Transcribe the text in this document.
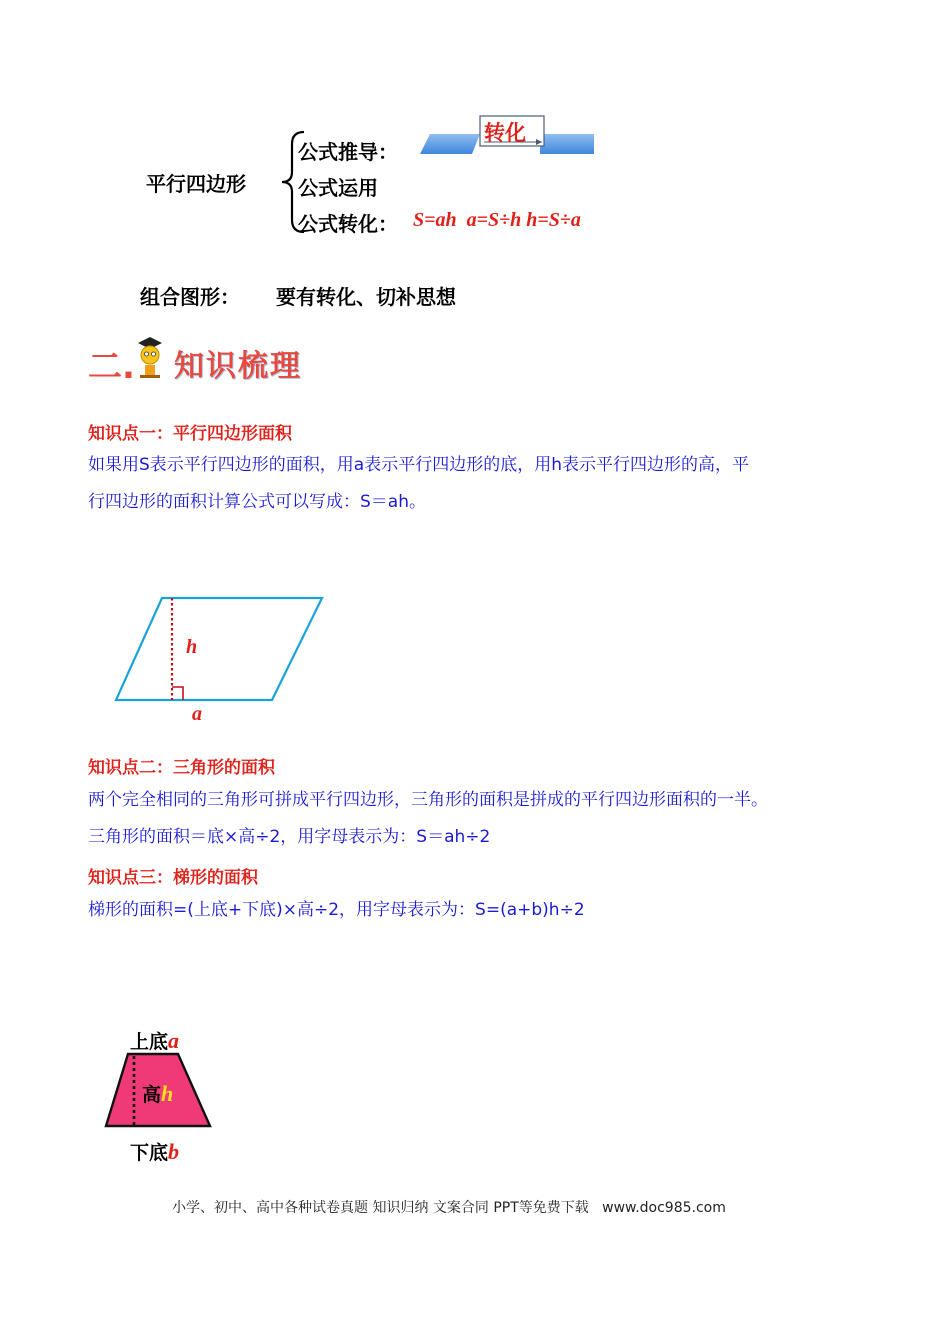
平行四边形
公式推导：
公式运用
公式转化： S=ah  a=S÷h h=S÷a
转化
组合图形： 要有转化、切补思想
二. 知识梳理
知识点一：平行四边形面积
如果用S表示平行四边形的面积，用a表示平行四边形的底，用h表示平行四边形的高，平
行四边形的面积计算公式可以写成：S＝ah。
h
a
知识点二：三角形的面积
两个完全相同的三角形可拼成平行四边形，三角形的面积是拼成的平行四边形面积的一半。
三角形的面积＝底×高÷2，用字母表示为：S＝ah÷2
知识点三：梯形的面积
梯形的面积=(上底+下底)×高÷2，用字母表示为：S=(a+b)h÷2
上底a
高h
下底b
小学、初中、高中各种试卷真题 知识归纳 文案合同 PPT等免费下载   www.doc985.com
